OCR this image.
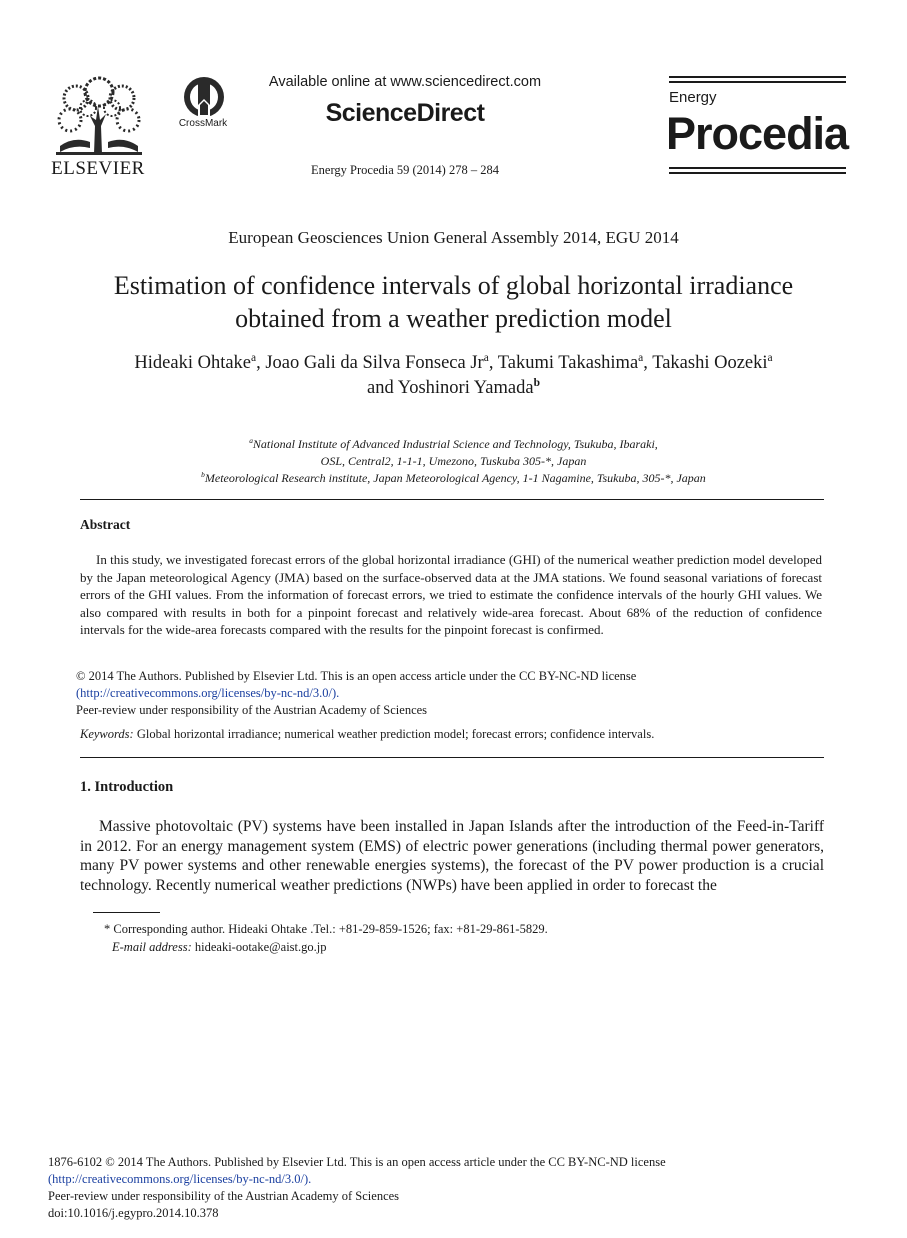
ELSEVIER
CrossMark
Available online at www.sciencedirect.com
ScienceDirect
Energy Procedia 59 (2014) 278 – 284
Energy
Procedia
European Geosciences Union General Assembly 2014, EGU 2014
Estimation of confidence intervals of global horizontal irradiance
obtained from a weather prediction model
Hideaki Ohtake$^a$, Joao Gali da Silva Fonseca Jr$^a$, Takumi Takashima$^a$, Takashi Oozeki$^a$
and Yoshinori Yamada$^b$
$^a$National Institute of Advanced Industrial Science and Technology, Tsukuba, Ibaraki,
OSL, Central2, 1-1-1, Umezono, Tuskuba 305-*, Japan
$^b$Meteorological Research institute, Japan Meteorological Agency, 1-1 Nagamine, Tsukuba, 305-*, Japan
Abstract
In this study, we investigated forecast errors of the global horizontal irradiance (GHI) of the numerical weather prediction model developed by the Japan meteorological Agency (JMA) based on the surface-observed data at the JMA stations. We found seasonal variations of forecast errors of the GHI values. From the information of forecast errors, we tried to estimate the confidence intervals of the hourly GHI values. We also compared with results in both for a pinpoint forecast and relatively wide-area forecast. About 68% of the reduction of confidence intervals for the wide-area forecasts compared with the results for the pinpoint forecast is confirmed.
© 2014 The Authors. Published by Elsevier Ltd. This is an open access article under the CC BY-NC-ND license
(http://creativecommons.org/licenses/by-nc-nd/3.0/).
Peer-review under responsibility of the Austrian Academy of Sciences
Keywords: Global horizontal irradiance; numerical weather prediction model; forecast errors; confidence intervals.
1. Introduction
Massive photovoltaic (PV) systems have been installed in Japan Islands after the introduction of the Feed-in-Tariff in 2012. For an energy management system (EMS) of electric power generations (including thermal power generators, many PV power systems and other renewable energies systems), the forecast of the PV power production is a crucial technology. Recently numerical weather predictions (NWPs) have been applied in order to forecast the
* Corresponding author. Hideaki Ohtake .Tel.: +81-29-859-1526; fax: +81-29-861-5829.
E-mail address: hideaki-ootake@aist.go.jp
1876-6102 © 2014 The Authors. Published by Elsevier Ltd. This is an open access article under the CC BY-NC-ND license
(http://creativecommons.org/licenses/by-nc-nd/3.0/).
Peer-review under responsibility of the Austrian Academy of Sciences
doi:10.1016/j.egypro.2014.10.378
